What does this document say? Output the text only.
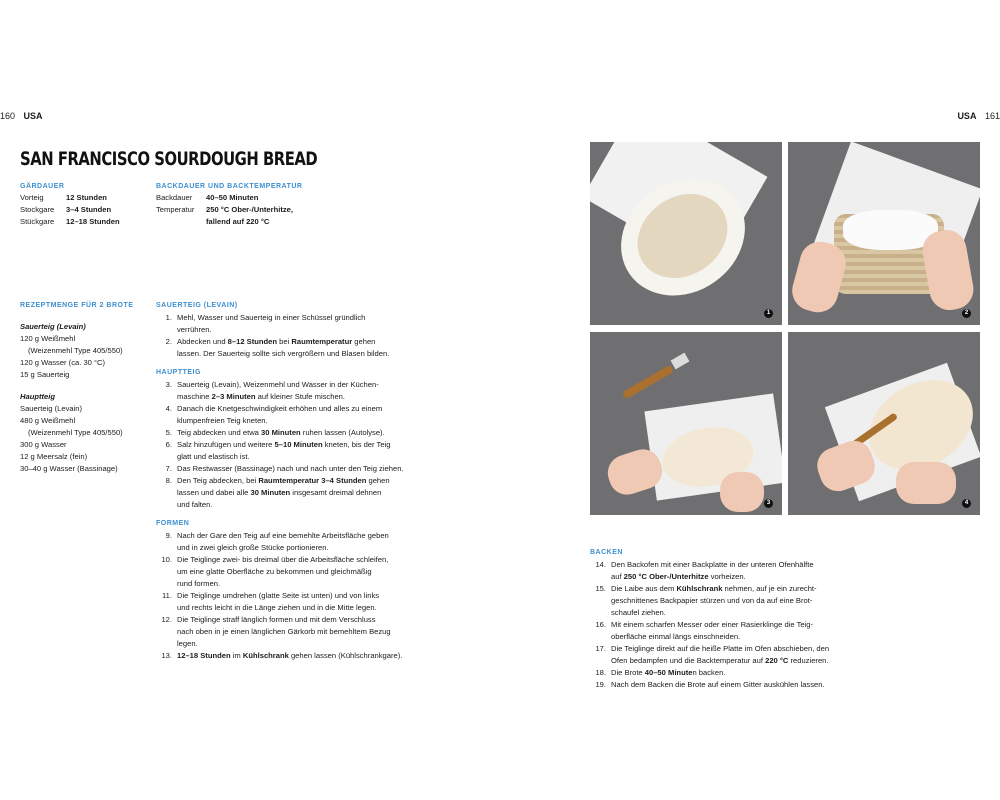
160 USA
SAN FRANCISCO SOURDOUGH BREAD
GÄRDAUER
Vorteig	12 Stunden
Stockgare	3–4 Stunden
Stückgare	12–18 Stunden
BACKDAUER UND BACKTEMPERATUR
Backdauer	40–50 Minuten
Temperatur	250 °C Ober-/Unterhitze,
fallend auf 220 °C
REZEPTMENGE FÜR 2 BROTE
Sauerteig (Levain)
120 g Weißmehl
(Weizenmehl Type 405/550)
120 g Wasser (ca. 30 °C)
15 g Sauerteig
Hauptteig
Sauerteig (Levain)
480 g Weißmehl
(Weizenmehl Type 405/550)
300 g Wasser
12 g Meersalz (fein)
30–40 g Wasser (Bassinage)
SAUERTEIG (LEVAIN)
1. Mehl, Wasser und Sauerteig in einer Schüssel gründlich
verrühren.
2. Abdecken und 8–12 Stunden bei Raumtemperatur gehen
lassen. Der Sauerteig sollte sich vergrößern und Blasen bilden.
HAUPTTEIG
3. Sauerteig (Levain), Weizenmehl und Wasser in der Küchen-
maschine 2–3 Minuten auf kleiner Stufe mischen.
4. Danach die Knetgeschwindigkeit erhöhen und alles zu einem
klumpenfreien Teig kneten.
5. Teig abdecken und etwa 30 Minuten ruhen lassen (Autolyse).
6. Salz hinzufügen und weitere 5–10 Minuten kneten, bis der Teig
glatt und elastisch ist.
7. Das Restwasser (Bassinage) nach und nach unter den Teig ziehen.
8. Den Teig abdecken, bei Raumtemperatur 3–4 Stunden gehen
lassen und dabei alle 30 Minuten insgesamt dreimal dehnen
und falten.
FORMEN
9. Nach der Gare den Teig auf eine bemehlte Arbeitsfläche geben
und in zwei gleich große Stücke portionieren.
10. Die Teiglinge zwei- bis dreimal über die Arbeitsfläche schleifen,
um eine glatte Oberfläche zu bekommen und gleichmäßig
rund formen.
11. Die Teiglinge umdrehen (glatte Seite ist unten) und von links
und rechts leicht in die Länge ziehen und in die Mitte legen.
12. Die Teiglinge straff länglich formen und mit dem Verschluss
nach oben in je einen länglichen Gärkorb mit bemehltem Bezug
legen.
13. 12–18 Stunden im Kühlschrank gehen lassen (Kühlschrankgare).
USA 161
1	2
3	4
BACKEN
14. Den Backofen mit einer Backplatte in der unteren Ofenhälfte
auf 250 °C Ober-/Unterhitze vorheizen.
15. Die Laibe aus dem Kühlschrank nehmen, auf je ein zurecht-
geschnittenes Backpapier stürzen und von da auf eine Brot-
schaufel ziehen.
16. Mit einem scharfen Messer oder einer Rasierklinge die Teig-
oberfläche einmal längs einschneiden.
17. Die Teiglinge direkt auf die heiße Platte im Ofen abschieben, den
Ofen bedampfen und die Backtemperatur auf 220 °C reduzieren.
18. Die Brote 40–50 Minuten backen.
19. Nach dem Backen die Brote auf einem Gitter auskühlen lassen.
